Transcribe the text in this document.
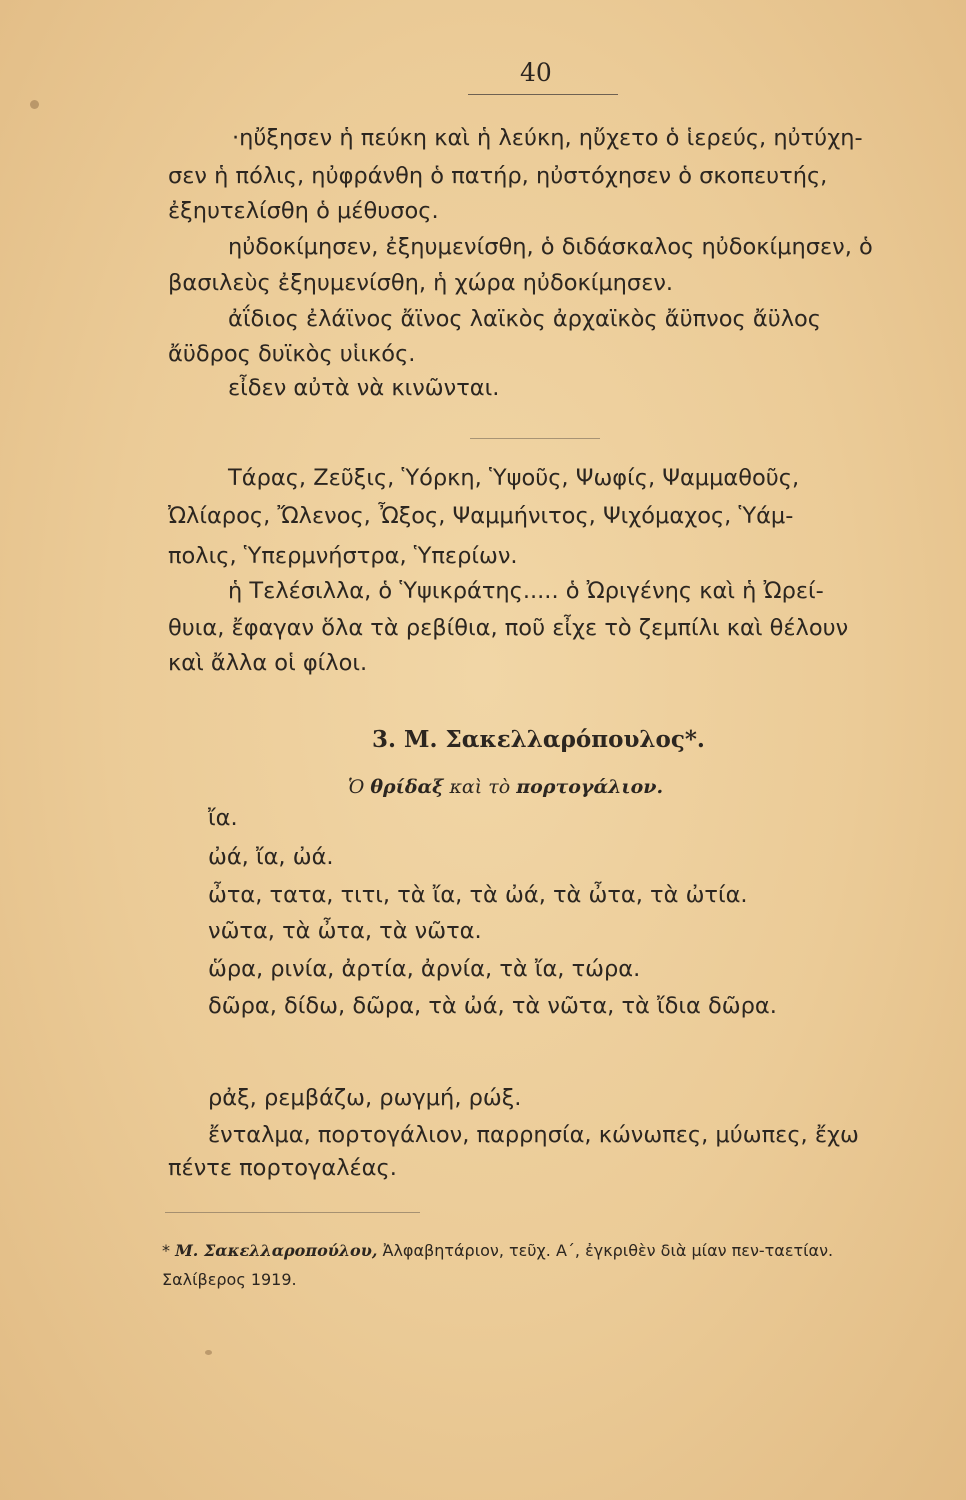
40
·ηὔξησεν ἡ πεύκη καὶ ἡ λεύκη, ηὔχετο ὁ ἱερεύς, ηὐτύχη-
σεν ἡ πόλις, ηὐφράνθη ὁ πατήρ, ηὐστόχησεν ὁ σκοπευτής,
ἐξηυτελίσθη ὁ μέθυσος.
ηὐδοκίμησεν, ἐξηυμενίσθη, ὁ διδάσκαλος ηὐδοκίμησεν, ὁ
βασιλεὺς ἐξηυμενίσθη, ἡ χώρα ηὐδοκίμησεν.
ἀΐδιος ἐλάϊνος ἄϊνος λαϊκὸς ἀρχαϊκὸς ἄϋπνος ἄϋλος
ἄϋδρος δυϊκὸς υἱικός.
εἶδεν αὐτὰ νὰ κινῶνται.
Τάρας, Ζεῦξις, Ὑόρκη, Ὑψοῦς, Ψωφίς, Ψαμμαθοῦς,
Ὠλίαρος, Ὤλενος, Ὦξος, Ψαμμήνιτος, Ψιχόμαχος, Ὑάμ-
πολις, Ὑπερμνήστρα, Ὑπερίων.
ἡ Τελέσιλλα, ὁ Ὑψικράτης..... ὁ Ὠριγένης καὶ ἡ Ὠρεί-
θυια, ἔφαγαν ὅλα τὰ ρεβίθια, ποῦ εἶχε τὸ ζεμπίλι καὶ θέλουν
καὶ ἄλλα οἱ φίλοι.
3. Μ. Σακελλαρόπουλος*.
Ὁ θρίδαξ καὶ τὸ πορτογάλιον.
ἴα.
ὠά, ἴα, ὠά.
ὦτα, τατα, τιτι, τὰ ἴα, τὰ ὠά, τὰ ὦτα, τὰ ὠτία.
νῶτα, τὰ ὦτα, τὰ νῶτα.
ὥρα, ρινία, ἀρτία, ἀρνία, τὰ ἴα, τώρα.
δῶρα, δίδω, δῶρα, τὰ ὠά, τὰ νῶτα, τὰ ἴδια δῶρα.
ρἀξ, ρεμβάζω, ρωγμή, ρώξ.
ἔνταλμα, πορτογάλιον, παρρησία, κώνωπες, μύωπες, ἔχω
πέντε πορτογαλέας.
* Μ. Σακελλαροπούλου, Ἀλφαβητάριον, τεῦχ. Α΄, ἐγκριθὲν διὰ μίαν πεν-ταετίαν. Σαλίβερος 1919.
